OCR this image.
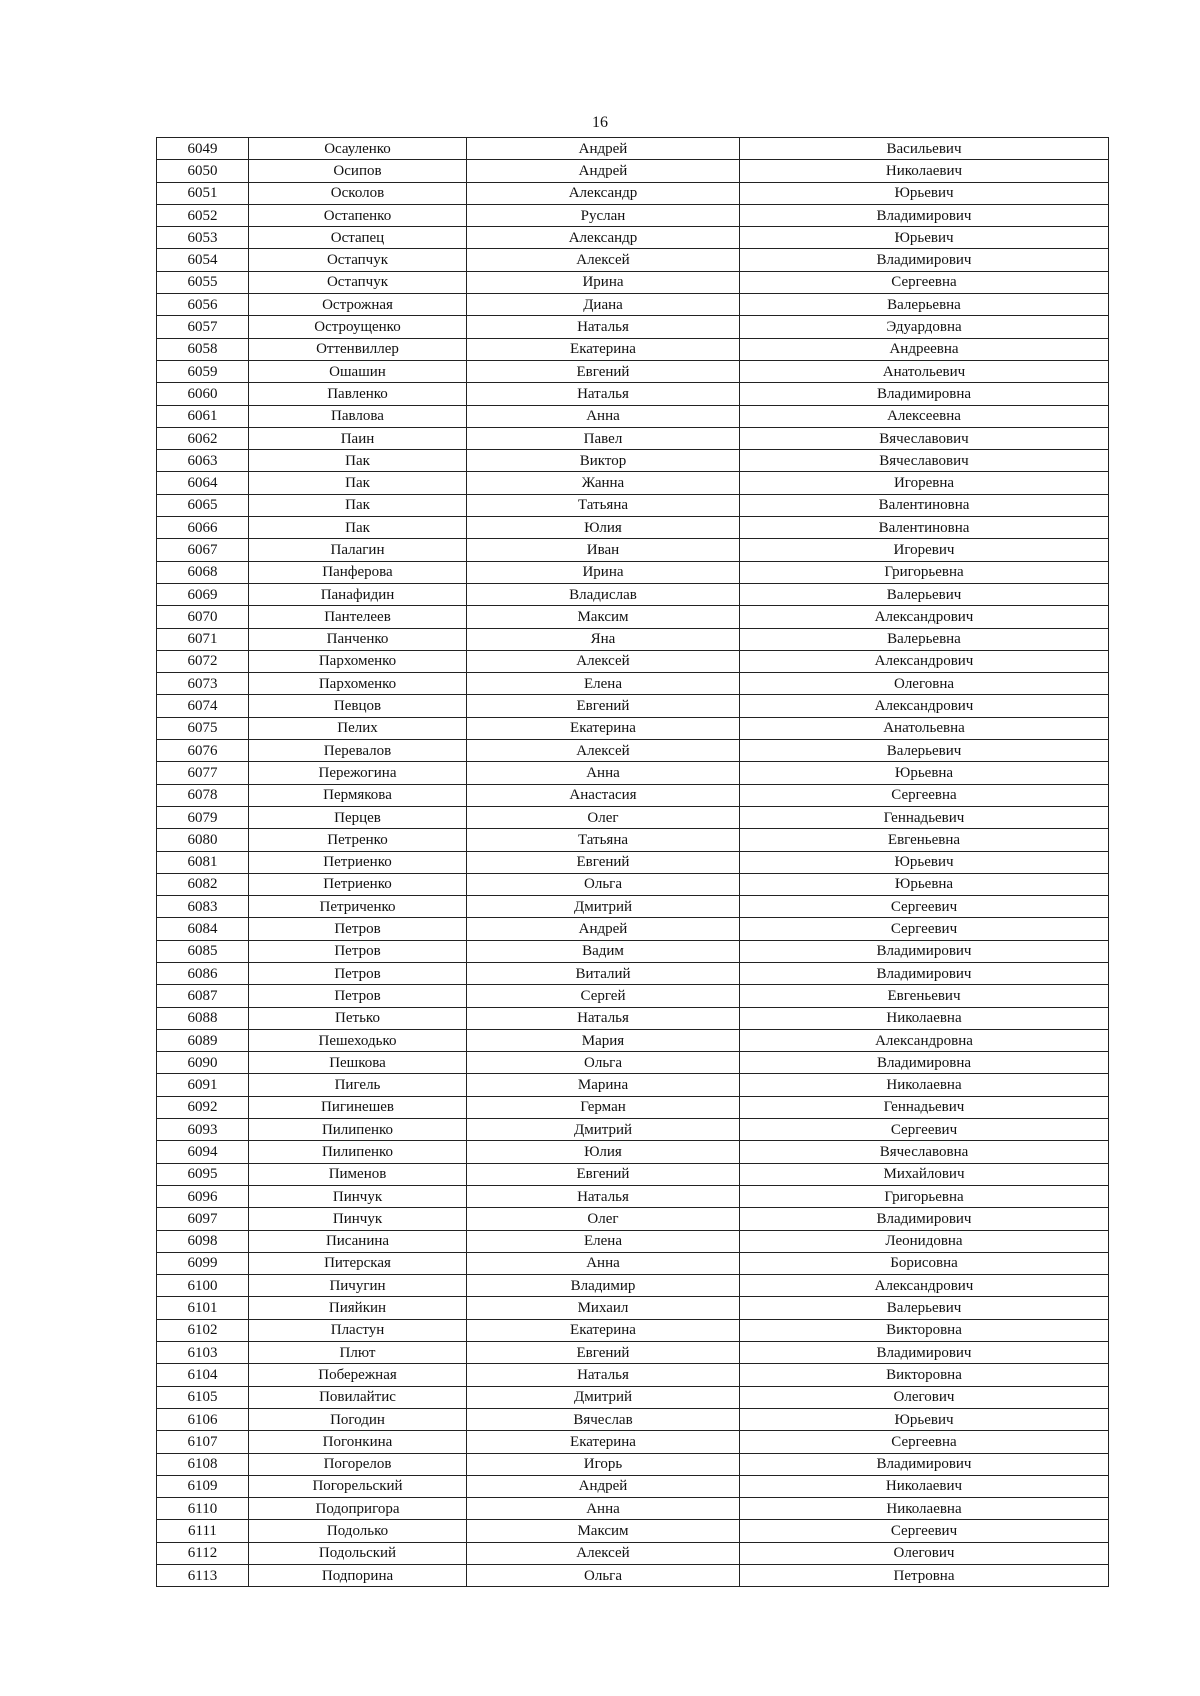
16
6049	Осауленко	Андрей	Васильевич
6050	Осипов	Андрей	Николаевич
6051	Осколов	Александр	Юрьевич
6052	Остапенко	Руслан	Владимирович
6053	Остапец	Александр	Юрьевич
6054	Остапчук	Алексей	Владимирович
6055	Остапчук	Ирина	Сергеевна
6056	Острожная	Диана	Валерьевна
6057	Остроущенко	Наталья	Эдуардовна
6058	Оттенвиллер	Екатерина	Андреевна
6059	Ошашин	Евгений	Анатольевич
6060	Павленко	Наталья	Владимировна
6061	Павлова	Анна	Алексеевна
6062	Паин	Павел	Вячеславович
6063	Пак	Виктор	Вячеславович
6064	Пак	Жанна	Игоревна
6065	Пак	Татьяна	Валентиновна
6066	Пак	Юлия	Валентиновна
6067	Палагин	Иван	Игоревич
6068	Панферова	Ирина	Григорьевна
6069	Панафидин	Владислав	Валерьевич
6070	Пантелеев	Максим	Александрович
6071	Панченко	Яна	Валерьевна
6072	Пархоменко	Алексей	Александрович
6073	Пархоменко	Елена	Олеговна
6074	Певцов	Евгений	Александрович
6075	Пелих	Екатерина	Анатольевна
6076	Перевалов	Алексей	Валерьевич
6077	Пережогина	Анна	Юрьевна
6078	Пермякова	Анастасия	Сергеевна
6079	Перцев	Олег	Геннадьевич
6080	Петренко	Татьяна	Евгеньевна
6081	Петриенко	Евгений	Юрьевич
6082	Петриенко	Ольга	Юрьевна
6083	Петриченко	Дмитрий	Сергеевич
6084	Петров	Андрей	Сергеевич
6085	Петров	Вадим	Владимирович
6086	Петров	Виталий	Владимирович
6087	Петров	Сергей	Евгеньевич
6088	Петько	Наталья	Николаевна
6089	Пешеходько	Мария	Александровна
6090	Пешкова	Ольга	Владимировна
6091	Пигель	Марина	Николаевна
6092	Пигинешев	Герман	Геннадьевич
6093	Пилипенко	Дмитрий	Сергеевич
6094	Пилипенко	Юлия	Вячеславовна
6095	Пименов	Евгений	Михайлович
6096	Пинчук	Наталья	Григорьевна
6097	Пинчук	Олег	Владимирович
6098	Писанина	Елена	Леонидовна
6099	Питерская	Анна	Борисовна
6100	Пичугин	Владимир	Александрович
6101	Пияйкин	Михаил	Валерьевич
6102	Пластун	Екатерина	Викторовна
6103	Плют	Евгений	Владимирович
6104	Побережная	Наталья	Викторовна
6105	Повилайтис	Дмитрий	Олегович
6106	Погодин	Вячеслав	Юрьевич
6107	Погонкина	Екатерина	Сергеевна
6108	Погорелов	Игорь	Владимирович
6109	Погорельский	Андрей	Николаевич
6110	Подопригора	Анна	Николаевна
6111	Подолько	Максим	Сергеевич
6112	Подольский	Алексей	Олегович
6113	Подпорина	Ольга	Петровна
